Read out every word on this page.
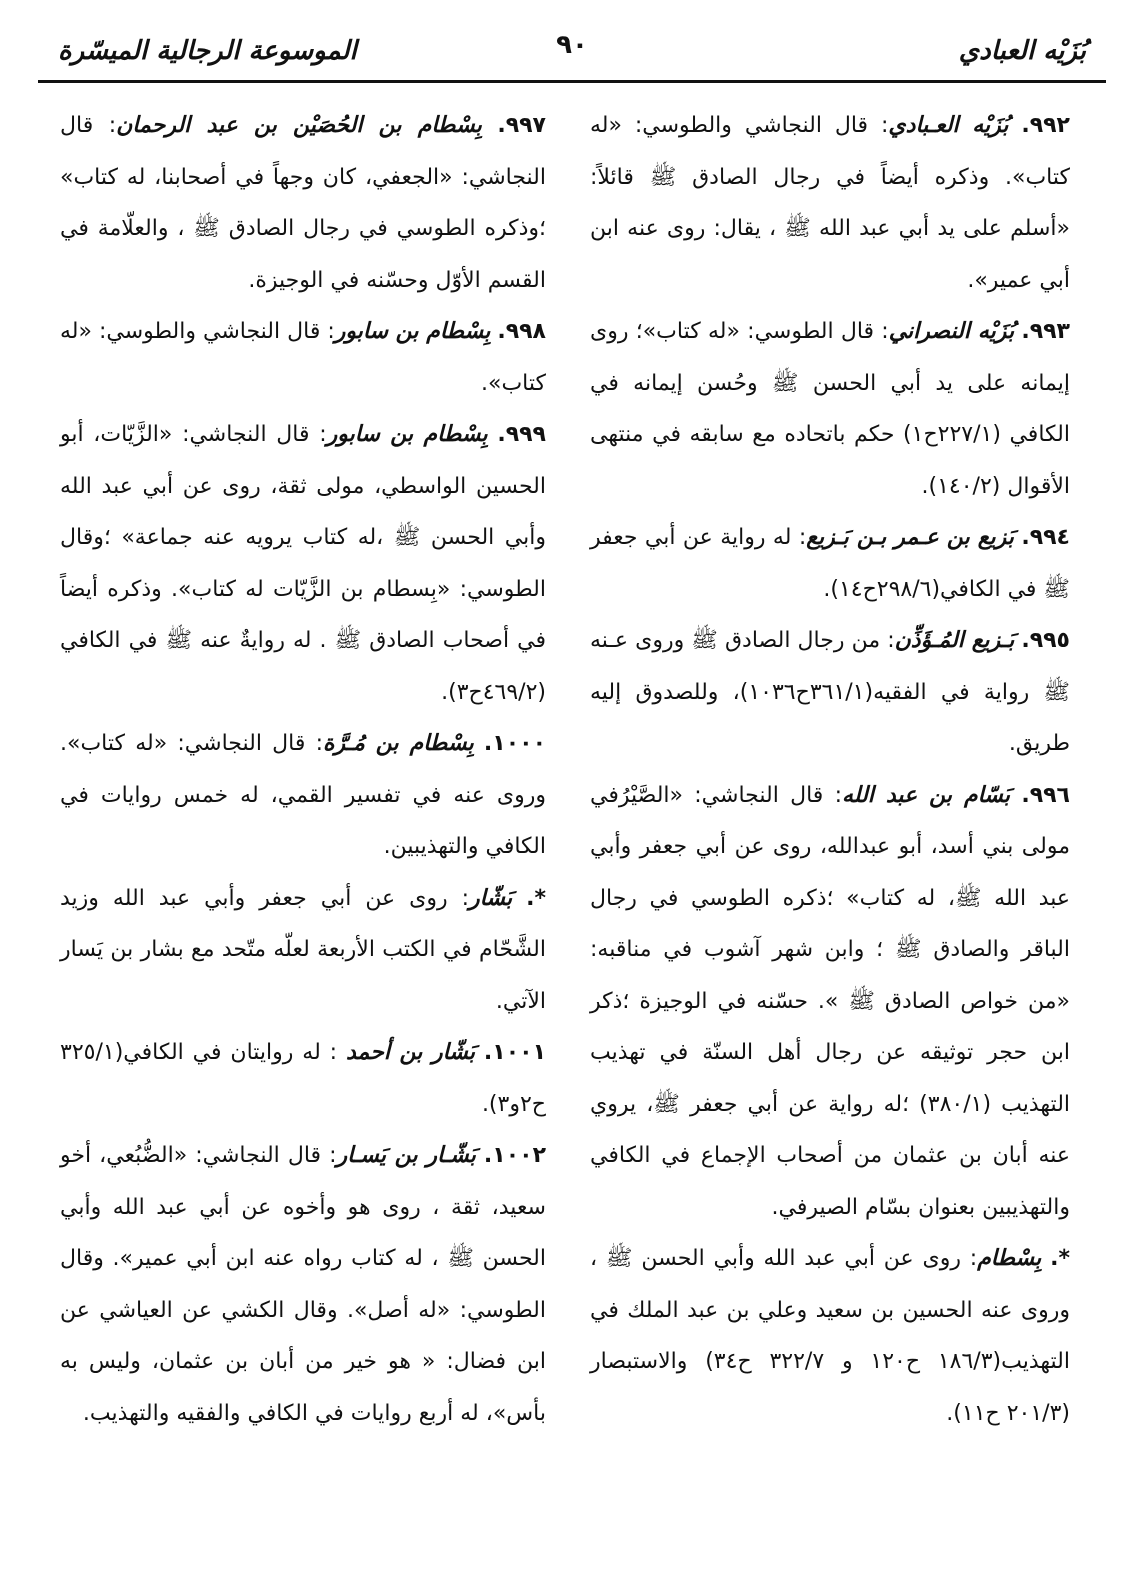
بُزَيْه العبادي
٩٠
الموسوعة الرجالية الميسّرة

٩٩٢. بُزَيْه العـبادي: قال النجاشي والطوسي: «له كتاب». وذكره أيضاً في رجال الصادق ﷺ قائلاً: «أسلم على يد أبي عبد الله ﷺ ، يقال: روى عنه ابن أبي عمير».

٩٩٣. بُزَيْه النصراني: قال الطوسي: «له كتاب»؛ روى إيمانه على يد أبي الحسن ﷺ وحُسن إيمانه في الكافي (٢٢٧/١ح١) حكم باتحاده مع سابقه في منتهى الأقوال (١٤٠/٢).

٩٩٤. بَزيع بن عـمر بـن بَـزيع: له رواية عن أبي جعفر ﷺ في الكافي(٢٩٨/٦ح١٤).

٩٩٥. بَـزيع المُـؤَذِّن: من رجال الصادق ﷺ وروى عـنه ﷺ رواية في الفقيه(٣٦١/١ح١٠٣٦)، وللصدوق إليه طريق.

٩٩٦. بَسّام بن عبد الله: قال النجاشي: «الصَّيْرُفي مولى بني أسد، أبو عبدالله، روى عن أبي جعفر وأبي عبد الله ﷺ، له كتاب» ؛ذكره الطوسي في رجال الباقر والصادق ﷺ ؛ وابن شهر آشوب في مناقبه: «من خواص الصادق ﷺ ». حسّنه في الوجيزة ؛ذكر ابن حجر توثيقه عن رجال أهل السنّة في تهذيب التهذيب (٣٨٠/١) ؛له رواية عن أبي جعفر ﷺ، يروي عنه أبان بن عثمان من أصحاب الإجماع في الكافي والتهذيبين بعنوان بسّام الصيرفي.

*. بِسْطام: روى عن أبي عبد الله وأبي الحسن ﷺ ، وروى عنه الحسين بن سعيد وعلي بن عبد الملك في التهذيب(١٨٦/٣ ح١٢٠ و ٣٢٢/٧ ح٣٤) والاستبصار (٢٠١/٣ ح١١).

٩٩٧. بِسْطام بن الحُصَيْن بن عبد الرحمان: قال النجاشي: «الجعفي، كان وجهاً في أصحابنا، له كتاب» ؛وذكره الطوسي في رجال الصادق ﷺ ، والعلّامة في القسم الأوّل وحسّنه في الوجيزة.

٩٩٨. بِسْطام بن سابور: قال النجاشي والطوسي: «له كتاب».

٩٩٩. بِسْطام بن سابور: قال النجاشي: «الزَّيّات، أبو الحسين الواسطي، مولى ثقة، روى عن أبي عبد الله وأبي الحسن ﷺ ،له كتاب يرويه عنه جماعة» ؛وقال الطوسي: «بِسطام بن الزَّيّات له كتاب». وذكره أيضاً في أصحاب الصادق ﷺ . له روايةٌ عنه ﷺ في الكافي (٤٦٩/٢ح٣).

١٠٠٠. بِسْطام بن مُـرَّة: قال النجاشي: «له كتاب». وروى عنه في تفسير القمي، له خمس روايات في الكافي والتهذيبين.

*. بَشّار: روى عن أبي جعفر وأبي عبد الله وزيد الشَّحّام في الكتب الأربعة لعلّه متّحد مع بشار بن يَسار الآتي.

١٠٠١. بَشّار بن أحمد : له روايتان في الكافي(٣٢٥/١ ح٢و٣).

١٠٠٢. بَشّـار بن يَسـار: قال النجاشي: «الضُّبُعي، أخو سعيد، ثقة ، روى هو وأخوه عن أبي عبد الله وأبي الحسن ﷺ ، له كتاب رواه عنه ابن أبي عمير». وقال الطوسي: «له أصل». وقال الكشي عن العياشي عن ابن فضال: « هو خير من أبان بن عثمان، وليس به بأس»، له أربع روايات في الكافي والفقيه والتهذيب.
